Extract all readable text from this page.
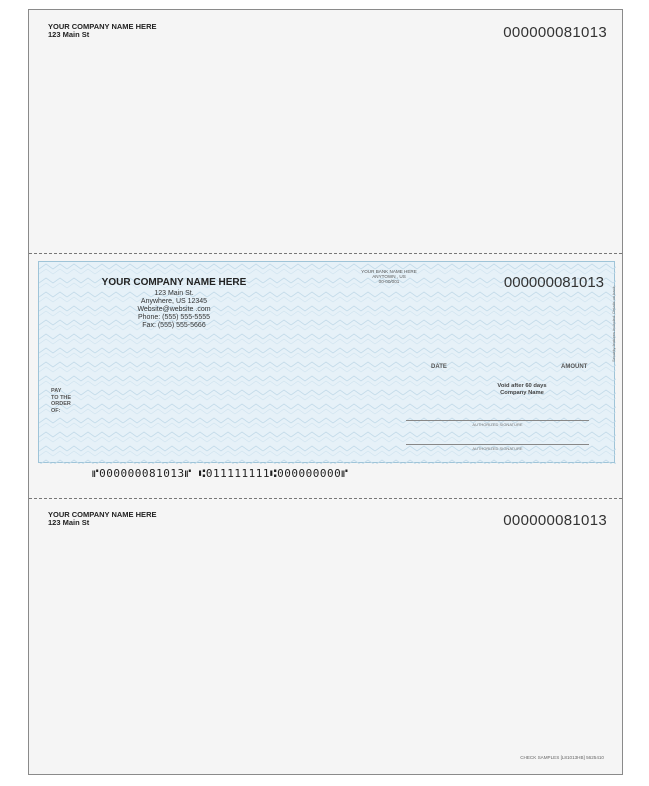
YOUR COMPANY NAME HERE
123 Main St	000000081013
YOUR COMPANY NAME HERE
123 Main St.
Anywhere, US 12345
Website@website .com
Phone: (555) 555-5555
Fax: (555) 555-5666
YOUR BANK NAME HERE
ANYTOWN , US
00-00/001	000000081013
DATE	AMOUNT
PAY
TO THE
ORDER
OF:
Void after 60 days
Company Name
AUTHORIZED SIGNATURE
AUTHORIZED SIGNATURE
Security features included. Details on back.
⑈000000081013⑈ ⑆011111111⑆000000000⑈
YOUR COMPANY NAME HERE
123 Main St	000000081013
CHECK SAMPLES [L81013HB] 5625410
